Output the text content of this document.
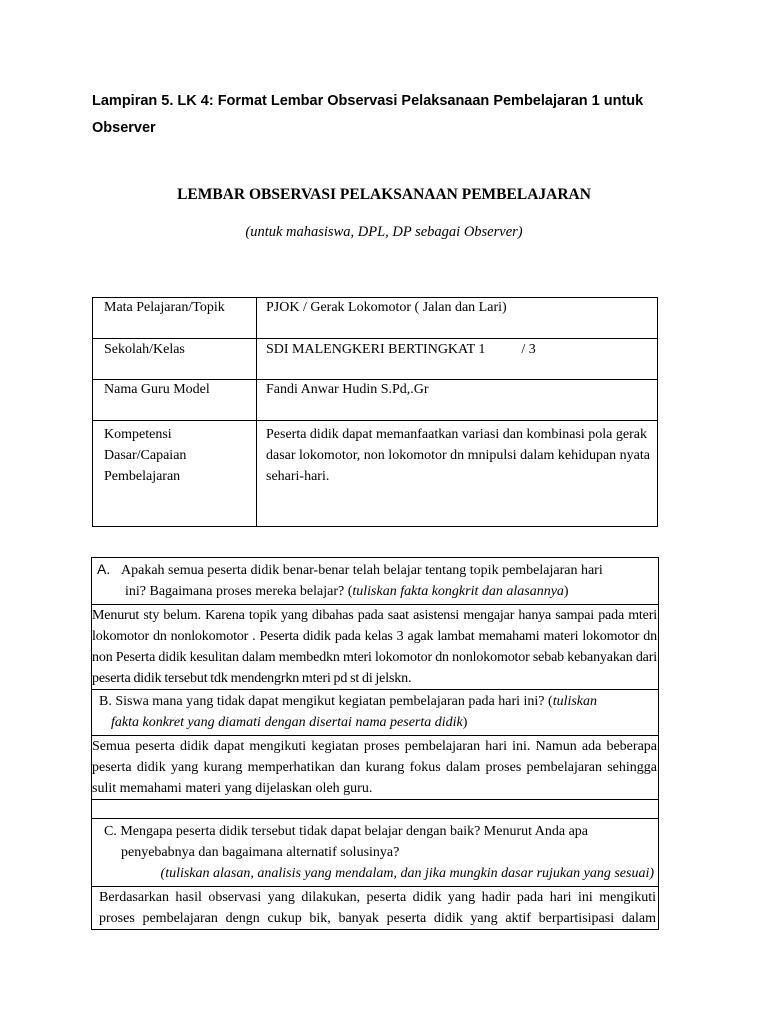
Lampiran 5. LK 4: Format Lembar Observasi Pelaksanaan Pembelajaran 1 untuk Observer

LEMBAR OBSERVASI PELAKSANAAN PEMBELAJARAN

(untuk mahasiswa, DPL, DP sebagai Observer)

Mata Pelajaran/Topik	PJOK / Gerak Lokomotor ( Jalan dan Lari)
Sekolah/Kelas	SDI MALENGKERI BERTINGKAT 1 / 3
Nama Guru Model	Fandi Anwar Hudin S.Pd,.Gr

Kompetensi
Dasar/Capaian
Pembelajaran	Peserta didik dapat memanfaatkan variasi dan kombinasi pola gerak dasar lokomotor, non lokomotor dn mnipulsi dalam kehidupan nyata sehari-hari.
A. Apakah semua peserta didik benar-benar telah belajar tentang topik pembelajaran hari
ini? Bagaimana proses mereka belajar? (tuliskan fakta kongkrit dan alasannya)
Menurut sty belum. Karena topik yang dibahas pada saat asistensi mengajar hanya sampai pada mteri lokomotor dn nonlokomotor . Peserta didik pada kelas 3 agak lambat memahami materi lokomotor dn non Peserta didik kesulitan dalam membedkn mteri lokomotor dn nonlokomotor sebab kebanyakan dari peserta didik tersebut tdk mendengrkn mteri pd st di jelskn.
B. Siswa mana yang tidak dapat mengikut kegiatan pembelajaran pada hari ini? (tuliskan
fakta konkret yang diamati dengan disertai nama peserta didik)
Semua peserta didik dapat mengikuti kegiatan proses pembelajaran hari ini. Namun ada beberapa peserta didik yang kurang memperhatikan dan kurang fokus dalam proses pembelajaran sehingga sulit memahami materi yang dijelaskan oleh guru.
C. Mengapa peserta didik tersebut tidak dapat belajar dengan baik? Menurut Anda apa
penyebabnya dan bagaimana alternatif solusinya?
(tuliskan alasan, analisis yang mendalam, dan jika mungkin dasar rujukan yang sesuai)
Berdasarkan hasil observasi yang dilakukan, peserta didik yang hadir pada hari ini mengikuti
proses pembelajaran dengn cukup bik, banyak peserta didik yang aktif berpartisipasi dalam
